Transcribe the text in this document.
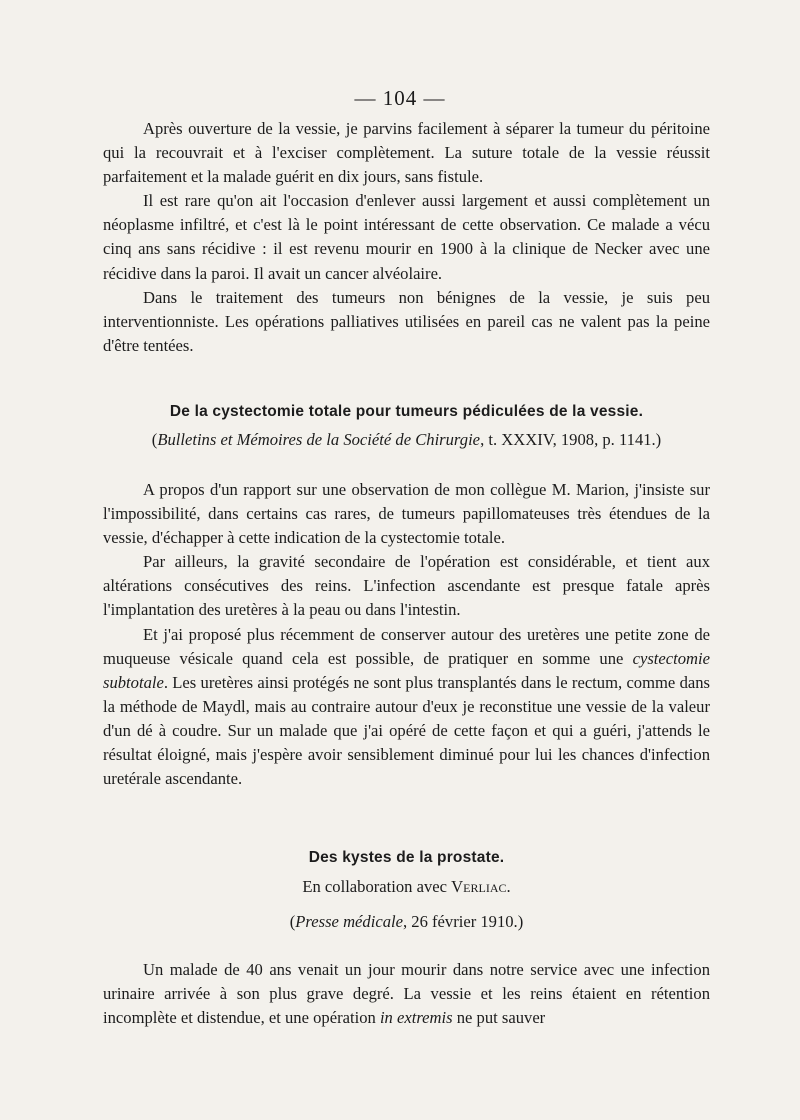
— 104 —

Après ouverture de la vessie, je parvins facilement à séparer la tumeur du péritoine qui la recouvrait et à l'exciser complètement. La suture totale de la vessie réussit parfaitement et la malade guérit en dix jours, sans fistule.

Il est rare qu'on ait l'occasion d'enlever aussi largement et aussi complètement un néoplasme infiltré, et c'est là le point intéressant de cette observation. Ce malade a vécu cinq ans sans récidive : il est revenu mourir en 1900 à la clinique de Necker avec une récidive dans la paroi. Il avait un cancer alvéolaire.

Dans le traitement des tumeurs non bénignes de la vessie, je suis peu interventionniste. Les opérations palliatives utilisées en pareil cas ne valent pas la peine d'être tentées.

De la cystectomie totale pour tumeurs pédiculées de la vessie.

(Bulletins et Mémoires de la Société de Chirurgie, t. XXXIV, 1908, p. 1141.)

A propos d'un rapport sur une observation de mon collègue M. Marion, j'insiste sur l'impossibilité, dans certains cas rares, de tumeurs papillomateuses très étendues de la vessie, d'échapper à cette indication de la cystectomie totale.

Par ailleurs, la gravité secondaire de l'opération est considérable, et tient aux altérations consécutives des reins. L'infection ascendante est presque fatale après l'implantation des uretères à la peau ou dans l'intestin.

Et j'ai proposé plus récemment de conserver autour des uretères une petite zone de muqueuse vésicale quand cela est possible, de pratiquer en somme une cystectomie subtotale. Les uretères ainsi protégés ne sont plus transplantés dans le rectum, comme dans la méthode de Maydl, mais au contraire autour d'eux je reconstitue une vessie de la valeur d'un dé à coudre. Sur un malade que j'ai opéré de cette façon et qui a guéri, j'attends le résultat éloigné, mais j'espère avoir sensiblement diminué pour lui les chances d'infection uretérale ascendante.

Des kystes de la prostate.

En collaboration avec Verliac.

(Presse médicale, 26 février 1910.)

Un malade de 40 ans venait un jour mourir dans notre service avec une infection urinaire arrivée à son plus grave degré. La vessie et les reins étaient en rétention incomplète et distendue, et une opération in extremis ne put sauver
